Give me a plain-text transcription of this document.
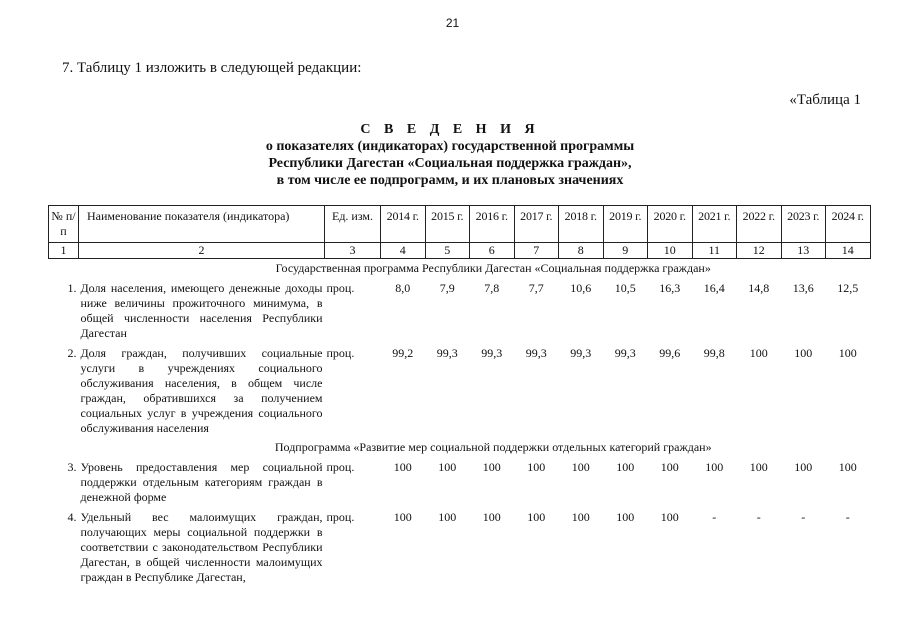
21
7. Таблицу 1 изложить в следующей редакции:
«Таблица 1
С В Е Д Е Н И Я
о показателях (индикаторах) государственной программы
Республики Дагестан «Социальная поддержка граждан»,
в том числе ее подпрограмм, и их плановых значениях
№ п/п	Наименование показателя (индикатора)	Ед. изм.	2014 г.	2015 г.	2016 г.	2017 г.	2018 г.	2019 г.	2020 г.	2021 г.	2022 г.	2023 г.	2024 г.
1	2	3	4	5	6	7	8	9	10	11	12	13	14
Государственная программа Республики Дагестан «Социальная поддержка граждан»													
1.	Доля населения, имеющего денежные доходы ниже величины прожиточного минимума, в общей численности населения Республики Дагестан	проц.	8,0	7,9	7,8	7,7	10,6	10,5	16,3	16,4	14,8	13,6	12,5
2.	Доля граждан, получивших социальные услуги в учреждениях социального обслуживания населения, в общем числе граждан, обратившихся за получением социальных услуг в учреждения социального обслуживания населения	проц.	99,2	99,3	99,3	99,3	99,3	99,3	99,6	99,8	100	100	100
Подпрограмма «Развитие мер социальной поддержки отдельных категорий граждан»													
3.	Уровень предоставления мер социальной поддержки отдельным категориям граждан в денежной форме	проц.	100	100	100	100	100	100	100	100	100	100	100
4.	Удельный вес малоимущих граждан, получающих меры социальной поддержки в соответствии с законодательством Республики Дагестан, в общей численности малоимущих граждан в Республике Дагестан,	проц.	100	100	100	100	100	100	100	-	-	-	-
